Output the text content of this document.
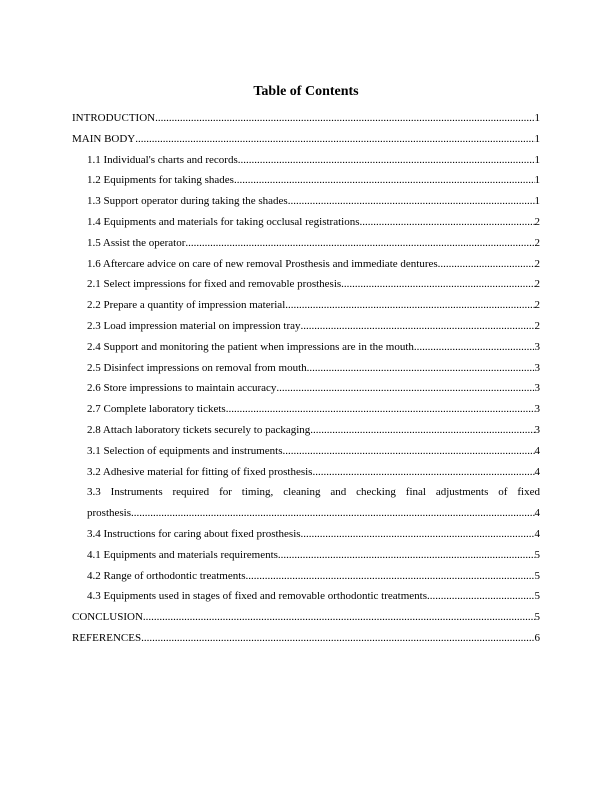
Table of Contents
INTRODUCTION .....	1
MAIN BODY .....	1
1.1 Individual's charts and records .....	1
1.2 Equipments for taking shades .....	1
1.3 Support operator during taking the shades .....	1
1.4 Equipments and materials for taking occlusal registrations .....	2
1.5 Assist the operator .....	2
1.6 Aftercare advice on care of new removal Prosthesis and immediate dentures .....	2
2.1 Select impressions for fixed and removable prosthesis .....	2
2.2 Prepare a quantity of impression material .....	2
2.3 Load impression material on impression tray .....	2
2.4 Support and monitoring the patient when impressions are in the mouth .....	3
2.5 Disinfect impressions on removal from mouth .....	3
2.6 Store impressions to maintain accuracy .....	3
2.7 Complete laboratory tickets .....	3
2.8 Attach laboratory tickets securely to packaging .....	3
3.1 Selection of equipments and instruments .....	4
3.2 Adhesive material for fitting of fixed prosthesis .....	4
3.3 Instruments required for timing, cleaning and checking final adjustments of fixed
prosthesis .....	4
3.4 Instructions for caring about fixed prosthesis .....	4
4.1 Equipments and materials requirements .....	5
4.2 Range of orthodontic treatments .....	5
4.3 Equipments used in stages of fixed and removable orthodontic treatments .....	5
CONCLUSION .....	5
REFERENCES .....	6
